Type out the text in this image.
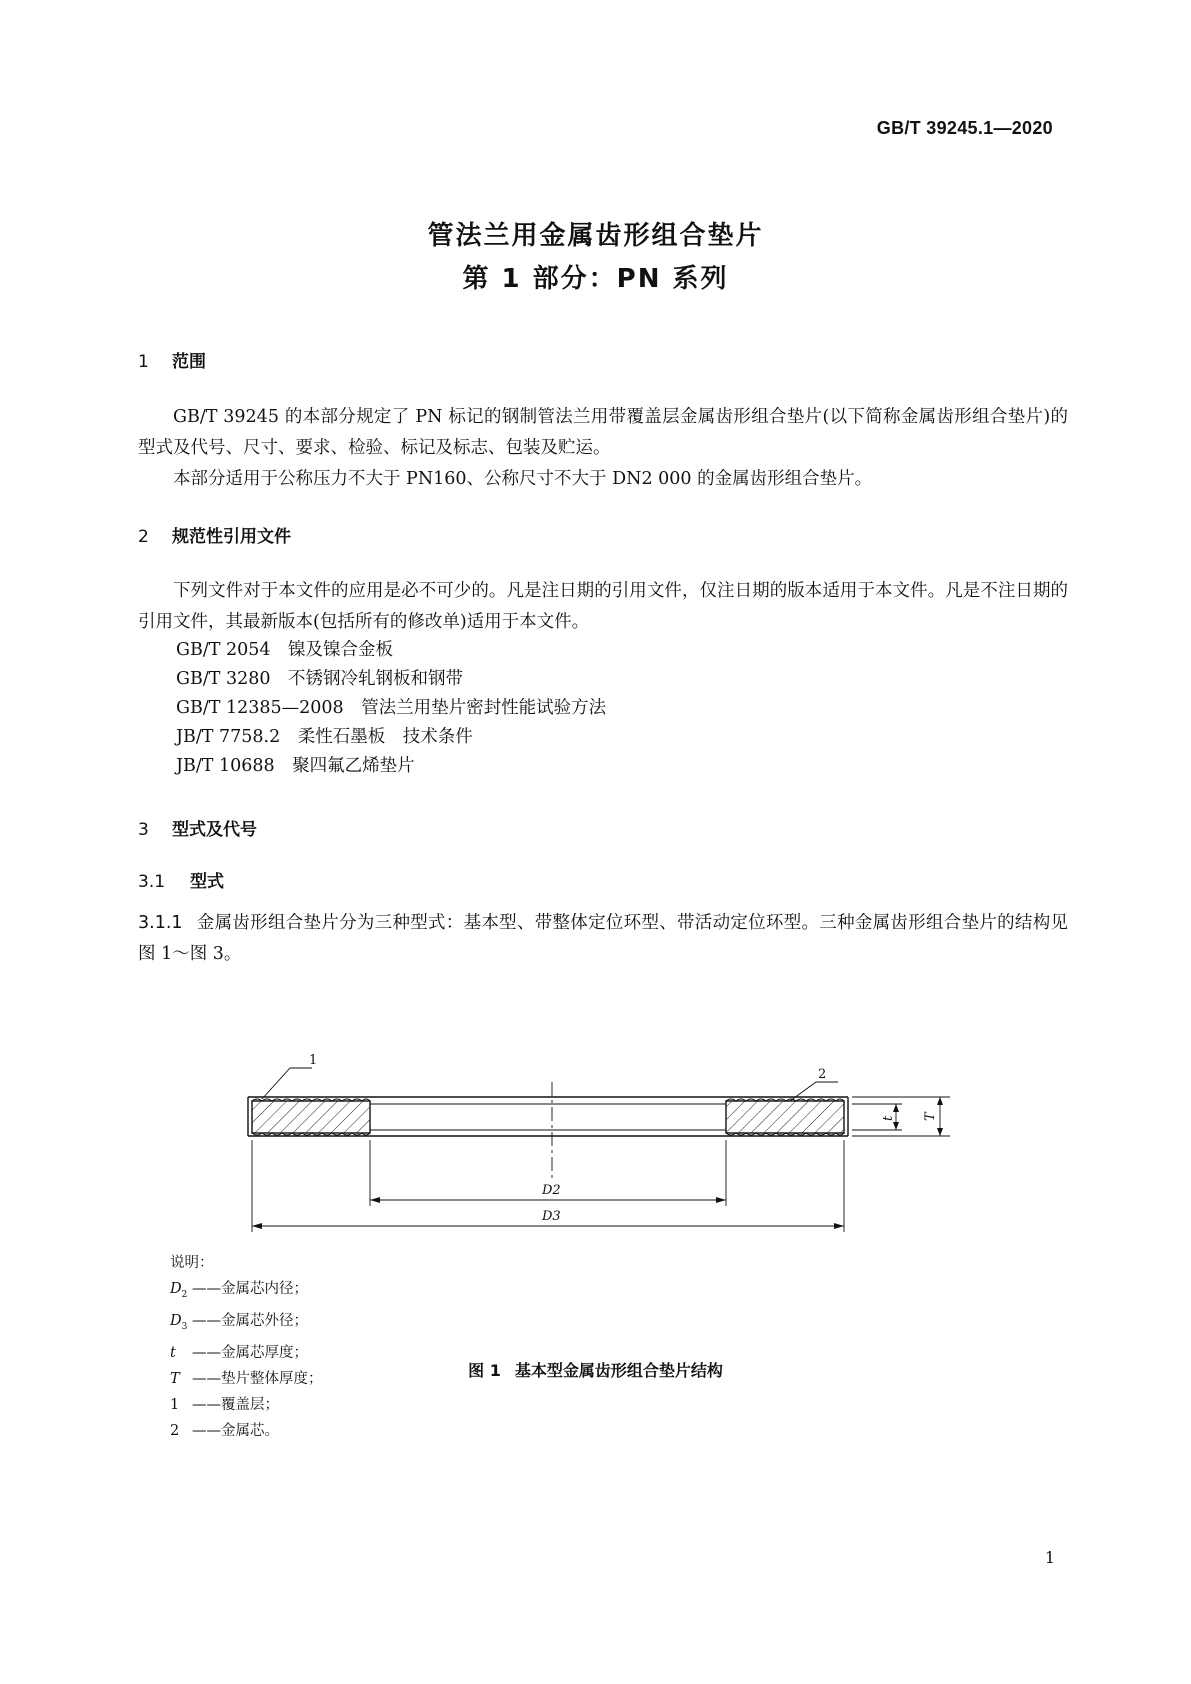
GB/T 39245.1—2020
管法兰用金属齿形组合垫片
第 1 部分：PN 系列
1 范围
GB/T 39245 的本部分规定了 PN 标记的钢制管法兰用带覆盖层金属齿形组合垫片(以下简称金属齿形组合垫片)的型式及代号、尺寸、要求、检验、标记及标志、包装及贮运。
本部分适用于公称压力不大于 PN160、公称尺寸不大于 DN2 000 的金属齿形组合垫片。
2 规范性引用文件
下列文件对于本文件的应用是必不可少的。凡是注日期的引用文件，仅注日期的版本适用于本文件。凡是不注日期的引用文件，其最新版本(包括所有的修改单)适用于本文件。
GB/T 2054　 镍及镍合金板
GB/T 3280　 不锈钢冷轧钢板和钢带
GB/T 12385—2008　 管法兰用垫片密封性能试验方法
JB/T 7758.2　 柔性石墨板　技术条件
JB/T 10688　 聚四氟乙烯垫片
3 型式及代号
3.1 型式
3.1.1 金属齿形组合垫片分为三种型式：基本型、带整体定位环型、带活动定位环型。三种金属齿形组合垫片的结构见图 1～图 3。
1
2
D2
D3
t T
说明：
$D_2$ ——金属芯内径；
$D_3$ ——金属芯外径；
t ——金属芯厚度；
T ——垫片整体厚度；
1 ——覆盖层；
2 ——金属芯。
图 1 基本型金属齿形组合垫片结构
1
